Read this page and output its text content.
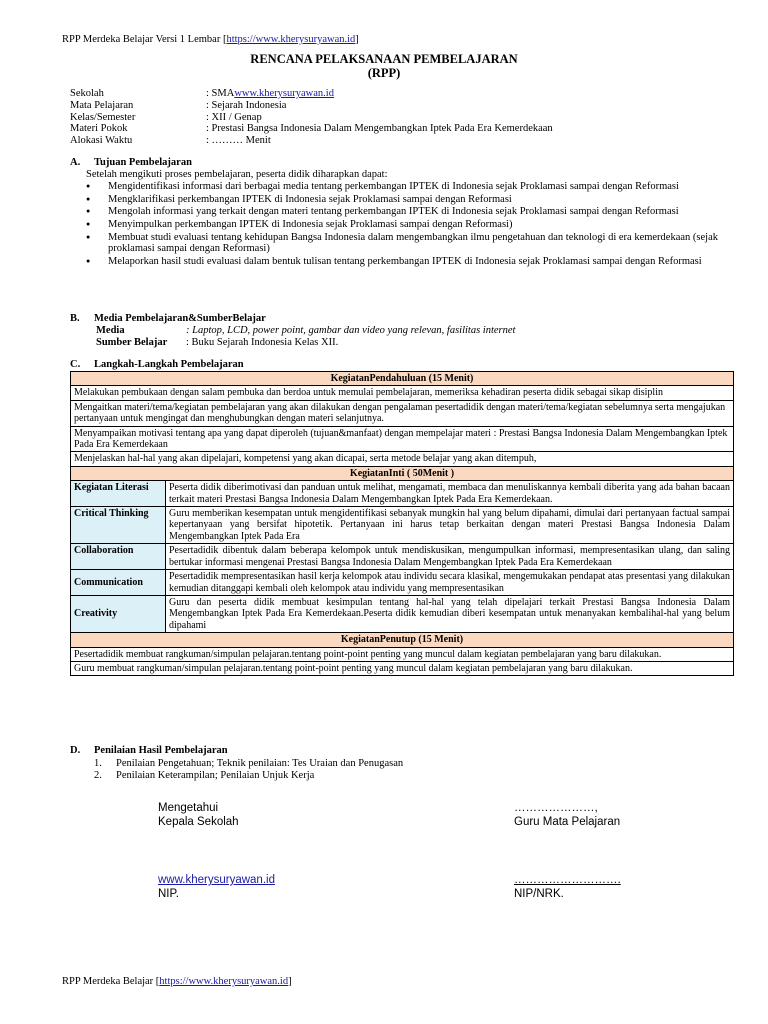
RPP Merdeka Belajar Versi 1 Lembar [https://www.kherysuryawan.id]
RENCANA PELAKSANAAN PEMBELAJARAN
(RPP)
Sekolah	: SMA www.kherysuryawan.id
Mata Pelajaran	: Sejarah Indonesia
Kelas/Semester	: XII / Genap
Materi Pokok	: Prestasi Bangsa Indonesia Dalam Mengembangkan Iptek Pada Era Kemerdekaan
Alokasi Waktu	: ……… Menit
A. Tujuan Pembelajaran
Setelah mengikuti proses pembelajaran, peserta didik diharapkan dapat:
● Mengidentifikasi informasi dari berbagai media tentang perkembangan IPTEK di Indonesia sejak Proklamasi sampai dengan Reformasi
● Mengklarifikasi perkembangan IPTEK di Indonesia sejak Proklamasi sampai dengan Reformasi
● Mengolah informasi yang terkait dengan materi tentang perkembangan IPTEK di Indonesia sejak Proklamasi sampai dengan Reformasi
● Menyimpulkan perkembangan IPTEK di Indonesia sejak Proklamasi sampai dengan Reformasi)
● Membuat studi evaluasi tentang kehidupan Bangsa Indonesia dalam mengembangkan ilmu pengetahuan dan teknologi di era kemerdekaan (sejak proklamasi sampai dengan Reformasi)
● Melaporkan hasil studi evaluasi dalam bentuk tulisan tentang perkembangan IPTEK di Indonesia sejak Proklamasi sampai dengan Reformasi
B. Media Pembelajaran&SumberBelajar
Media	: Laptop, LCD, power point, gambar dan video yang relevan, fasilitas internet
Sumber Belajar	: Buku Sejarah Indonesia Kelas XII.
C. Langkah-Langkah Pembelajaran
KegiatanPendahuluan (15 Menit)	
Melakukan pembukaan dengan salam pembuka dan berdoa untuk memulai pembelajaran, memeriksa kehadiran peserta didik sebagai sikap disiplin	
Mengaitkan materi/tema/kegiatan pembelajaran yang akan dilakukan dengan pengalaman pesertadidik dengan materi/tema/kegiatan sebelumnya serta mengajukan pertanyaan untuk mengingat dan menghubungkan dengan materi selanjutnya.	
Menyampaikan motivasi tentang apa yang dapat diperoleh (tujuan&manfaat) dengan mempelajar materi : Prestasi Bangsa Indonesia Dalam Mengembangkan Iptek Pada Era Kemerdekaan	
Menjelaskan hal-hal yang akan dipelajari, kompetensi yang akan dicapai, serta metode belajar yang akan ditempuh,	
KegiatanInti ( 50Menit )	
Kegiatan Literasi	Peserta didik diberimotivasi dan panduan untuk melihat, mengamati, membaca dan menuliskannya kembali diberita yang ada bahan bacaan terkait materi Prestasi Bangsa Indonesia Dalam Mengembangkan Iptek Pada Era Kemerdekaan.
Critical Thinking	Guru memberikan kesempatan untuk mengidentifikasi sebanyak mungkin hal yang belum dipahami, dimulai dari pertanyaan factual sampai kepertanyaan yang bersifat hipotetik. Pertanyaan ini harus tetap berkaitan dengan materi Prestasi Bangsa Indonesia Dalam Mengembangkan Iptek Pada Era
Collaboration	Pesertadidik dibentuk dalam beberapa kelompok untuk mendiskusikan, mengumpulkan informasi, mempresentasikan ulang, dan saling bertukar informasi mengenai Prestasi Bangsa Indonesia Dalam Mengembangkan Iptek Pada Era Kemerdekaan
Communication	Pesertadidik mempresentasikan hasil kerja kelompok atau individu secara klasikal, mengemukakan pendapat atas presentasi yang dilakukan kemudian ditanggapi kembali oleh kelompok atau individu yang mempresentasikan
Creativity	Guru dan peserta didik membuat kesimpulan tentang hal-hal yang telah dipelajari terkait Prestasi Bangsa Indonesia Dalam Mengembangkan Iptek Pada Era Kemerdekaan.Peserta didik kemudian diberi kesempatan untuk menanyakan kembalihal-hal yang belum dipahami
KegiatanPenutup (15 Menit)	
Pesertadidik membuat rangkuman/simpulan pelajaran.tentang point-point penting yang muncul dalam kegiatan pembelajaran yang baru dilakukan.	
Guru membuat rangkuman/simpulan pelajaran.tentang point-point penting yang muncul dalam kegiatan pembelajaran yang baru dilakukan.	
D. Penilaian Hasil Pembelajaran
1.	Penilaian Pengetahuan; Teknik penilaian: Tes Uraian dan Penugasan
2.	Penilaian Keterampilan; Penilaian Unjuk Kerja
Mengetahui
Kepala Sekolah
www.kherysuryawan.id
NIP.
…………………,
Guru Mata Pelajaran
……………………….
NIP/NRK.
RPP Merdeka Belajar [https://www.kherysuryawan.id]
